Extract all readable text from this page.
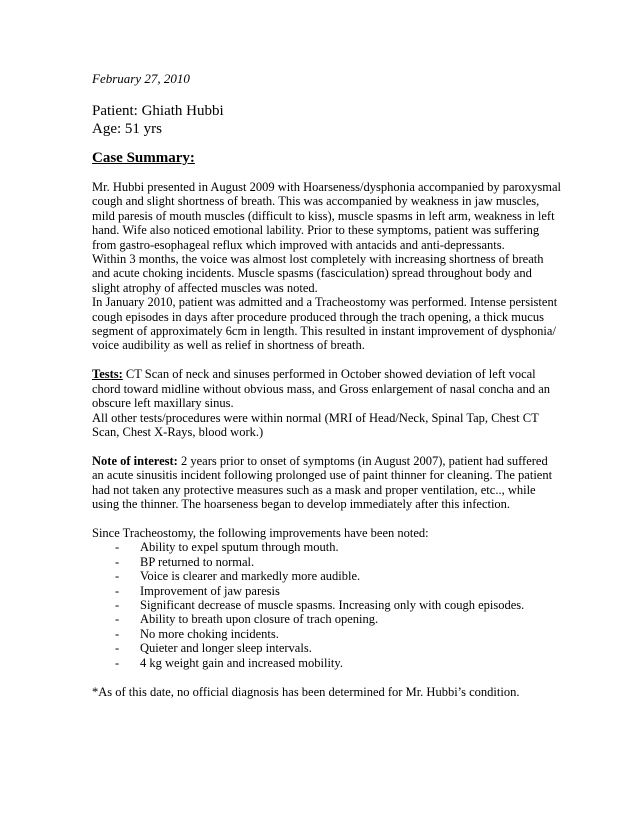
February 27, 2010

Patient: Ghiath Hubbi

Age: 51 yrs

Case Summary:

Mr. Hubbi presented in August 2009 with Hoarseness/dysphonia accompanied by paroxysmal cough and slight shortness of breath. This was accompanied by weakness in jaw muscles, mild paresis of mouth muscles (difficult to kiss), muscle spasms in left arm, weakness in left hand. Wife also noticed emotional lability. Prior to these symptoms, patient was suffering from gastro-esophageal reflux which improved with antacids and anti-depressants.

Within 3 months, the voice was almost lost completely with increasing shortness of breath and acute choking incidents. Muscle spasms (fasciculation) spread throughout body and slight atrophy of affected muscles was noted.

In January 2010, patient was admitted and a Tracheostomy was performed. Intense persistent cough episodes in days after procedure produced through the trach opening, a thick mucus segment of approximately 6cm in length. This resulted in instant improvement of dysphonia/ voice audibility as well as relief in shortness of breath.

Tests: CT Scan of neck and sinuses performed in October showed deviation of left vocal chord toward midline without obvious mass, and Gross enlargement of nasal concha and an obscure left maxillary sinus.

All other tests/procedures were within normal (MRI of Head/Neck, Spinal Tap, Chest CT Scan, Chest X-Rays, blood work.)

Note of interest: 2 years prior to onset of symptoms (in August 2007), patient had suffered an acute sinusitis incident following prolonged use of paint thinner for cleaning. The patient had not taken any protective measures such as a mask and proper ventilation, etc.., while using the thinner. The hoarseness began to develop immediately after this infection.

Since Tracheostomy, the following improvements have been noted:

- Ability to expel sputum through mouth.
- BP returned to normal.
- Voice is clearer and markedly more audible.
- Improvement of jaw paresis
- Significant decrease of muscle spasms. Increasing only with cough episodes.
- Ability to breath upon closure of trach opening.
- No more choking incidents.
- Quieter and longer sleep intervals.
- 4 kg weight gain and increased mobility.

*As of this date, no official diagnosis has been determined for Mr. Hubbi’s condition.
